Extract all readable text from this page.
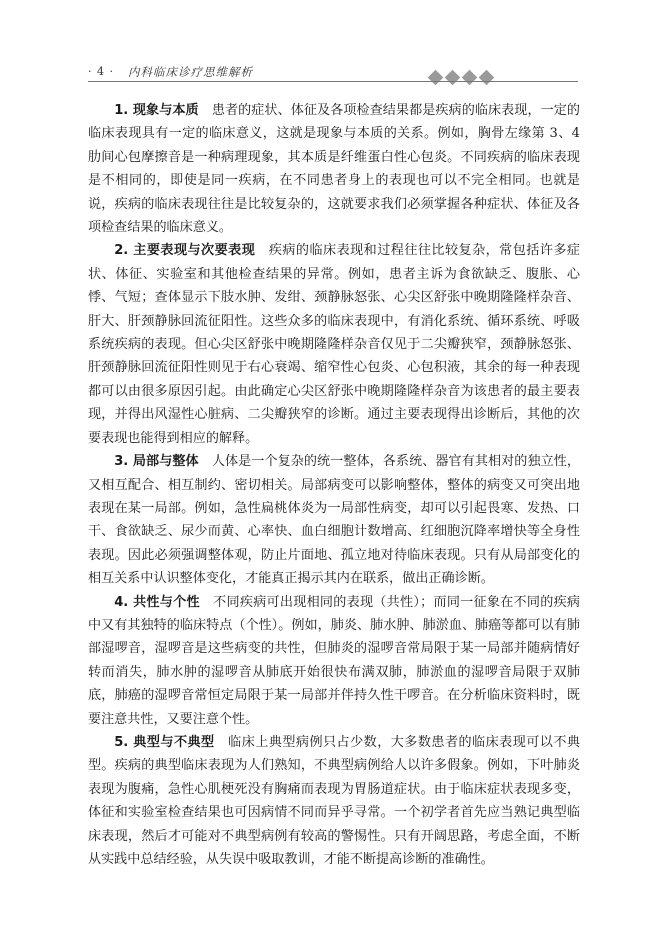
· 4 · 内科临床诊疗思维解析

1. 现象与本质　 患者的症状、体征及各项检查结果都是疾病的临床表现，一定的临床表现具有一定的临床意义，这就是现象与本质的关系。例如，胸骨左缘第 3、4 肋间心包摩擦音是一种病理现象，其本质是纤维蛋白性心包炎。不同疾病的临床表现是不相同的，即使是同一疾病，在不同患者身上的表现也可以不完全相同。也就是说，疾病的临床表现往往是比较复杂的，这就要求我们必须掌握各种症状、体征及各项检查结果的临床意义。

2. 主要表现与次要表现　 疾病的临床表现和过程往往比较复杂，常包括许多症状、体征、实验室和其他检查结果的异常。例如，患者主诉为食欲缺乏、腹胀、心悸、气短；查体显示下肢水肿、发绀、颈静脉怒张、心尖区舒张中晚期隆隆样杂音、肝大、肝颈静脉回流征阳性。这些众多的临床表现中，有消化系统、循环系统、呼吸系统疾病的表现。但心尖区舒张中晚期隆隆样杂音仅见于二尖瓣狭窄，颈静脉怒张、肝颈静脉回流征阳性则见于右心衰竭、缩窄性心包炎、心包积液，其余的每一种表现都可以由很多原因引起。由此确定心尖区舒张中晚期隆隆样杂音为该患者的最主要表现，并得出风湿性心脏病、二尖瓣狭窄的诊断。通过主要表现得出诊断后，其他的次要表现也能得到相应的解释。

3. 局部与整体　 人体是一个复杂的统一整体，各系统、器官有其相对的独立性，又相互配合、相互制约、密切相关。局部病变可以影响整体，整体的病变又可突出地表现在某一局部。例如，急性扁桃体炎为一局部性病变，却可以引起畏寒、发热、口干、食欲缺乏、尿少而黄、心率快、血白细胞计数增高、红细胞沉降率增快等全身性表现。因此必须强调整体观，防止片面地、孤立地对待临床表现。只有从局部变化的相互关系中认识整体变化，才能真正揭示其内在联系，做出正确诊断。

4. 共性与个性　 不同疾病可出现相同的表现（共性）；而同一征象在不同的疾病中又有其独特的临床特点（个性）。例如，肺炎、肺水肿、肺淤血、肺癌等都可以有肺部湿啰音，湿啰音是这些病变的共性，但肺炎的湿啰音常局限于某一局部并随病情好转而消失，肺水肿的湿啰音从肺底开始很快布满双肺，肺淤血的湿啰音局限于双肺底，肺癌的湿啰音常恒定局限于某一局部并伴持久性干啰音。在分析临床资料时，既要注意共性，又要注意个性。

5. 典型与不典型　 临床上典型病例只占少数，大多数患者的临床表现可以不典型。疾病的典型临床表现为人们熟知，不典型病例给人以许多假象。例如，下叶肺炎表现为腹痛，急性心肌梗死没有胸痛而表现为胃肠道症状。由于临床症状表现多变，体征和实验室检查结果也可因病情不同而异乎寻常。一个初学者首先应当熟记典型临床表现，然后才可能对不典型病例有较高的警惕性。只有开阔思路，考虑全面，不断从实践中总结经验，从失误中吸取教训，才能不断提高诊断的准确性。
